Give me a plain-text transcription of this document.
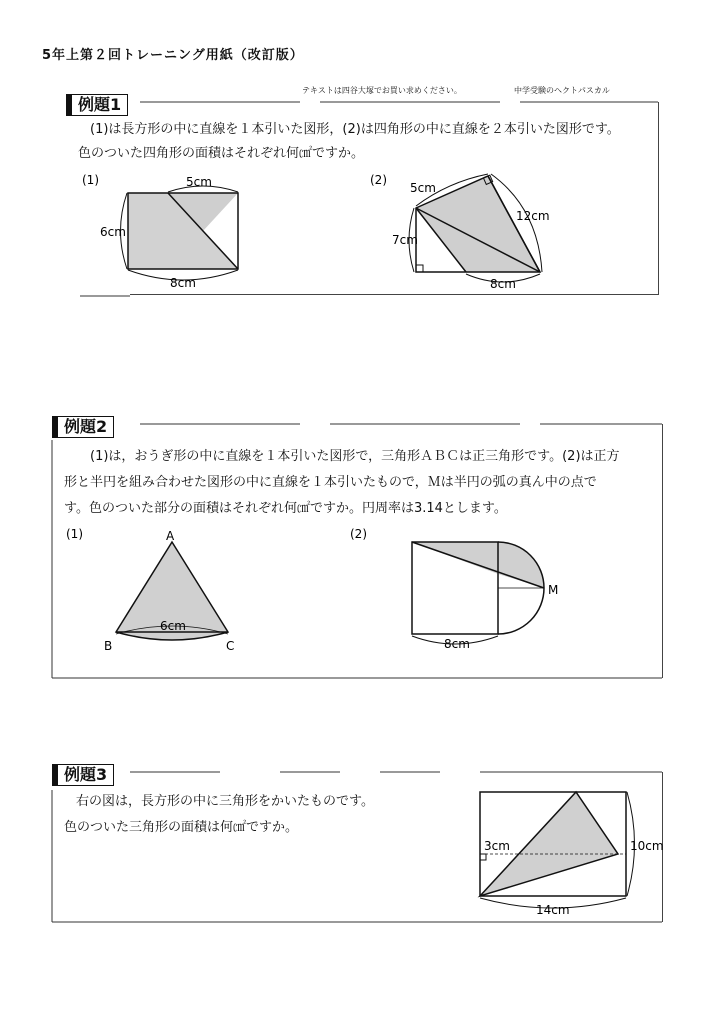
5年上第２回トレーニング用紙（改訂版）
テキストは四谷大塚でお買い求めください。	中学受験のヘクトパスカル
例題1
(1)は長方形の中に直線を１本引いた図形，(2)は四角形の中に直線を２本引いた図形です。
色のついた四角形の面積はそれぞれ何㎠ですか。
(1)	5cm
6cm
8cm
(2)
5cm
7cm
12cm
8cm
例題2
(1)は，おうぎ形の中に直線を１本引いた図形で，三角形ＡＢＣは正三角形です。(2)は正方
形と半円を組み合わせた図形の中に直線を１本引いたもので，Ｍは半円の弧の真ん中の点で
す。色のついた部分の面積はそれぞれ何㎠ですか。円周率は3.14とします。
(1)	A
B	C
6cm
(2)
M
8cm
例題3
右の図は，長方形の中に三角形をかいたものです。
色のついた三角形の面積は何㎠ですか。
3cm	10cm
14cm
